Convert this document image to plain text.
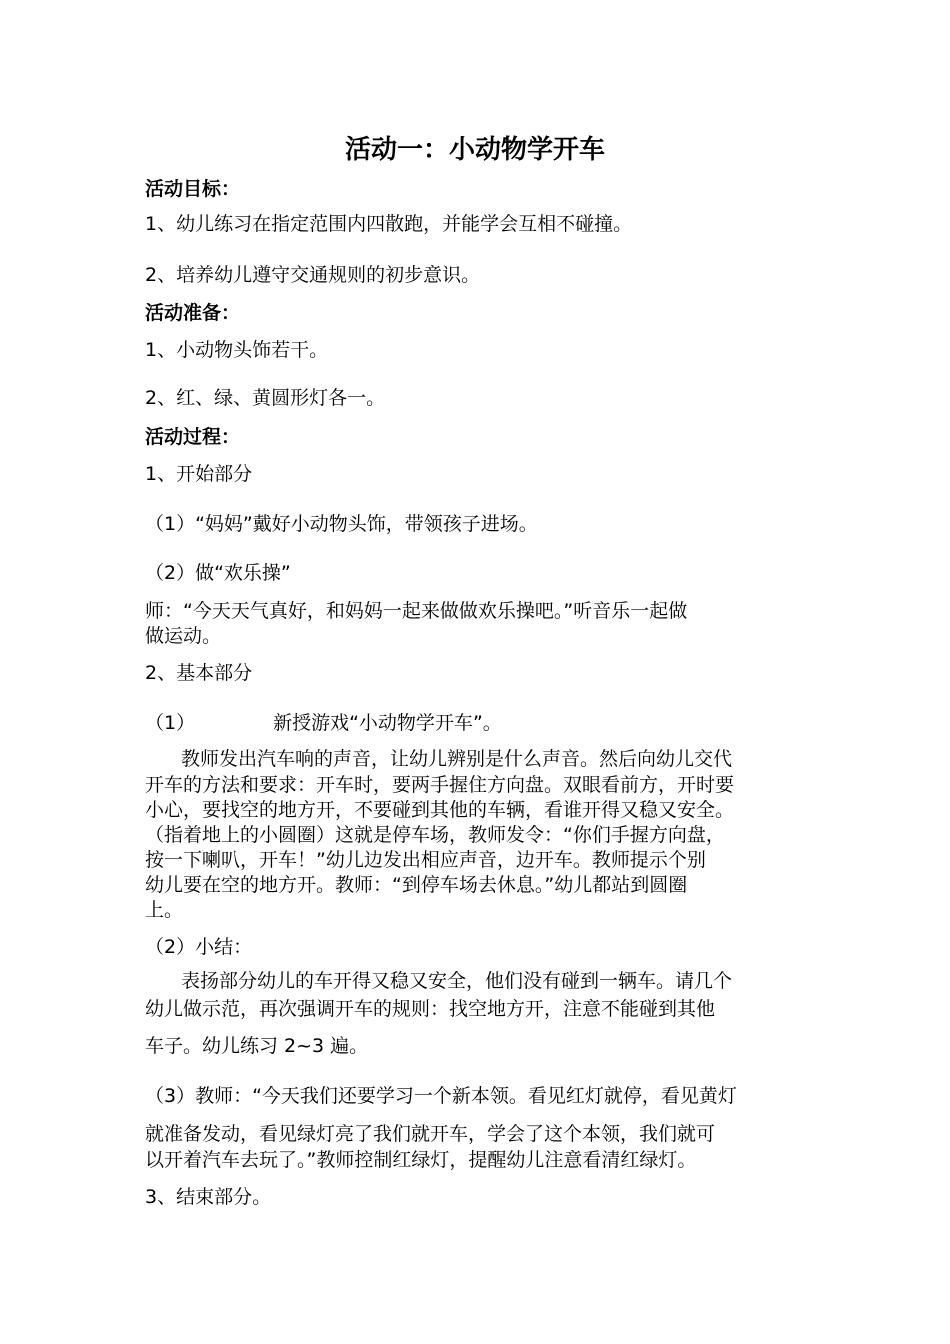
活动一：小动物学开车
活动目标：
1、幼儿练习在指定范围内四散跑，并能学会互相不碰撞。
2、培养幼儿遵守交通规则的初步意识。
活动准备：
1、小动物头饰若干。
2、红、绿、黄圆形灯各一。
活动过程：
1、开始部分
（1）“妈妈”戴好小动物头饰，带领孩子进场。
（2）做“欢乐操”
师：“今天天气真好，和妈妈一起来做做欢乐操吧。”听音乐一起做
做运动。
2、基本部分
（1）	新授游戏“小动物学开车”。
教师发出汽车响的声音，让幼儿辨别是什么声音。然后向幼儿交代
开车的方法和要求：开车时，要两手握住方向盘。双眼看前方，开时要
小心，要找空的地方开，不要碰到其他的车辆，看谁开得又稳又安全。
（指着地上的小圆圈）这就是停车场，教师发令：“你们手握方向盘，
按一下喇叭，开车！”幼儿边发出相应声音，边开车。教师提示个别
幼儿要在空的地方开。教师：“到停车场去休息。”幼儿都站到圆圈
上。
（2）小结：
表扬部分幼儿的车开得又稳又安全，他们没有碰到一辆车。请几个
幼儿做示范，再次强调开车的规则：找空地方开，注意不能碰到其他
车子。幼儿练习 2~3 遍。
（3）教师：“今天我们还要学习一个新本领。看见红灯就停，看见黄灯
就准备发动，看见绿灯亮了我们就开车，学会了这个本领，我们就可
以开着汽车去玩了。”教师控制红绿灯，提醒幼儿注意看清红绿灯。
3、结束部分。
